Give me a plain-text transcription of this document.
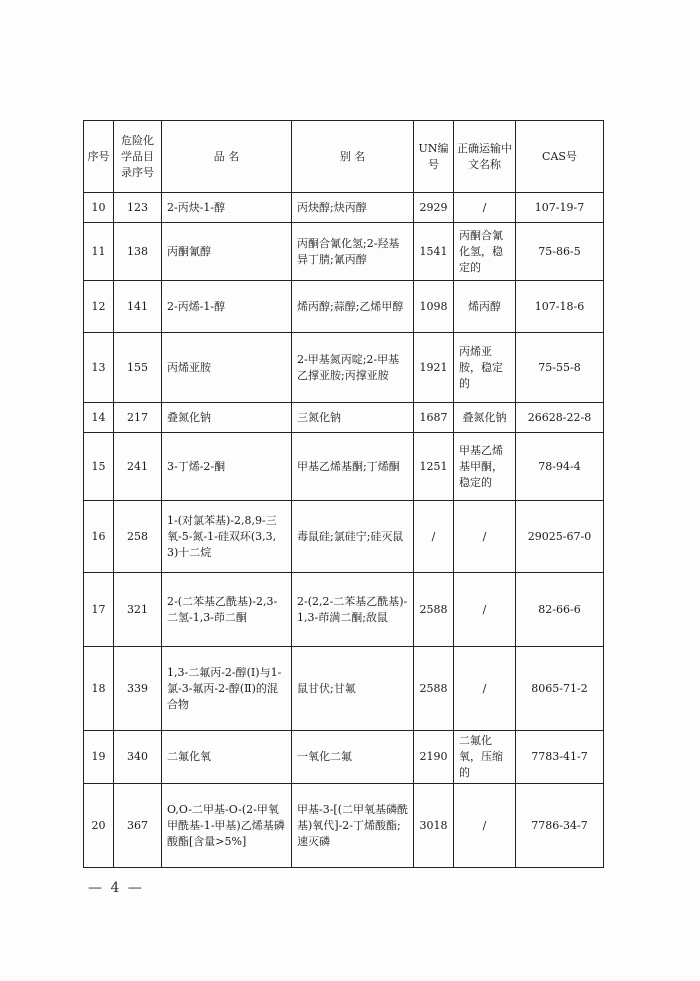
序号	危险化学品目录序号	品 名	别 名	UN编号	正确运输中文名称	CAS号
10	123	2-丙炔-1-醇	丙炔醇;炔丙醇	2929	/	107-19-7
11	138	丙酮氰醇	丙酮合氰化氢;2-羟基异丁腈;氰丙醇	1541	丙酮合氰化氢，稳定的	75-86-5
12	141	2-丙烯-1-醇	烯丙醇;蒜醇;乙烯甲醇	1098	烯丙醇	107-18-6
13	155	丙烯亚胺	2-甲基氮丙啶;2-甲基乙撑亚胺;丙撑亚胺	1921	丙烯亚胺，稳定的	75-55-8
14	217	叠氮化钠	三氮化钠	1687	叠氮化钠	26628-22-8
15	241	3-丁烯-2-酮	甲基乙烯基酮;丁烯酮	1251	甲基乙烯基甲酮，稳定的	78-94-4
16	258	1-(对氯苯基)-2,8,9-三氧-5-氮-1-硅双环(3,3,3)十二烷	毒鼠硅;氯硅宁;硅灭鼠	/	/	29025-67-0
17	321	2-(二苯基乙酰基)-2,3-二氢-1,3-茚二酮	2-(2,2-二苯基乙酰基)-1,3-茚满二酮;敌鼠	2588	/	82-66-6
18	339	1,3-二氟丙-2-醇(Ⅰ)与1-氯-3-氟丙-2-醇(Ⅱ)的混合物	鼠甘伏;甘氟	2588	/	8065-71-2
19	340	二氟化氧	一氧化二氟	2190	二氟化氧，压缩的	7783-41-7
20	367	O,O-二甲基-O-(2-甲氧甲酰基-1-甲基)乙烯基磷酸酯[含量>5%]	甲基-3-[(二甲氧基磷酰基)氧代]-2-丁烯酸酯;速灭磷	3018	/	7786-34-7
— 4 —
